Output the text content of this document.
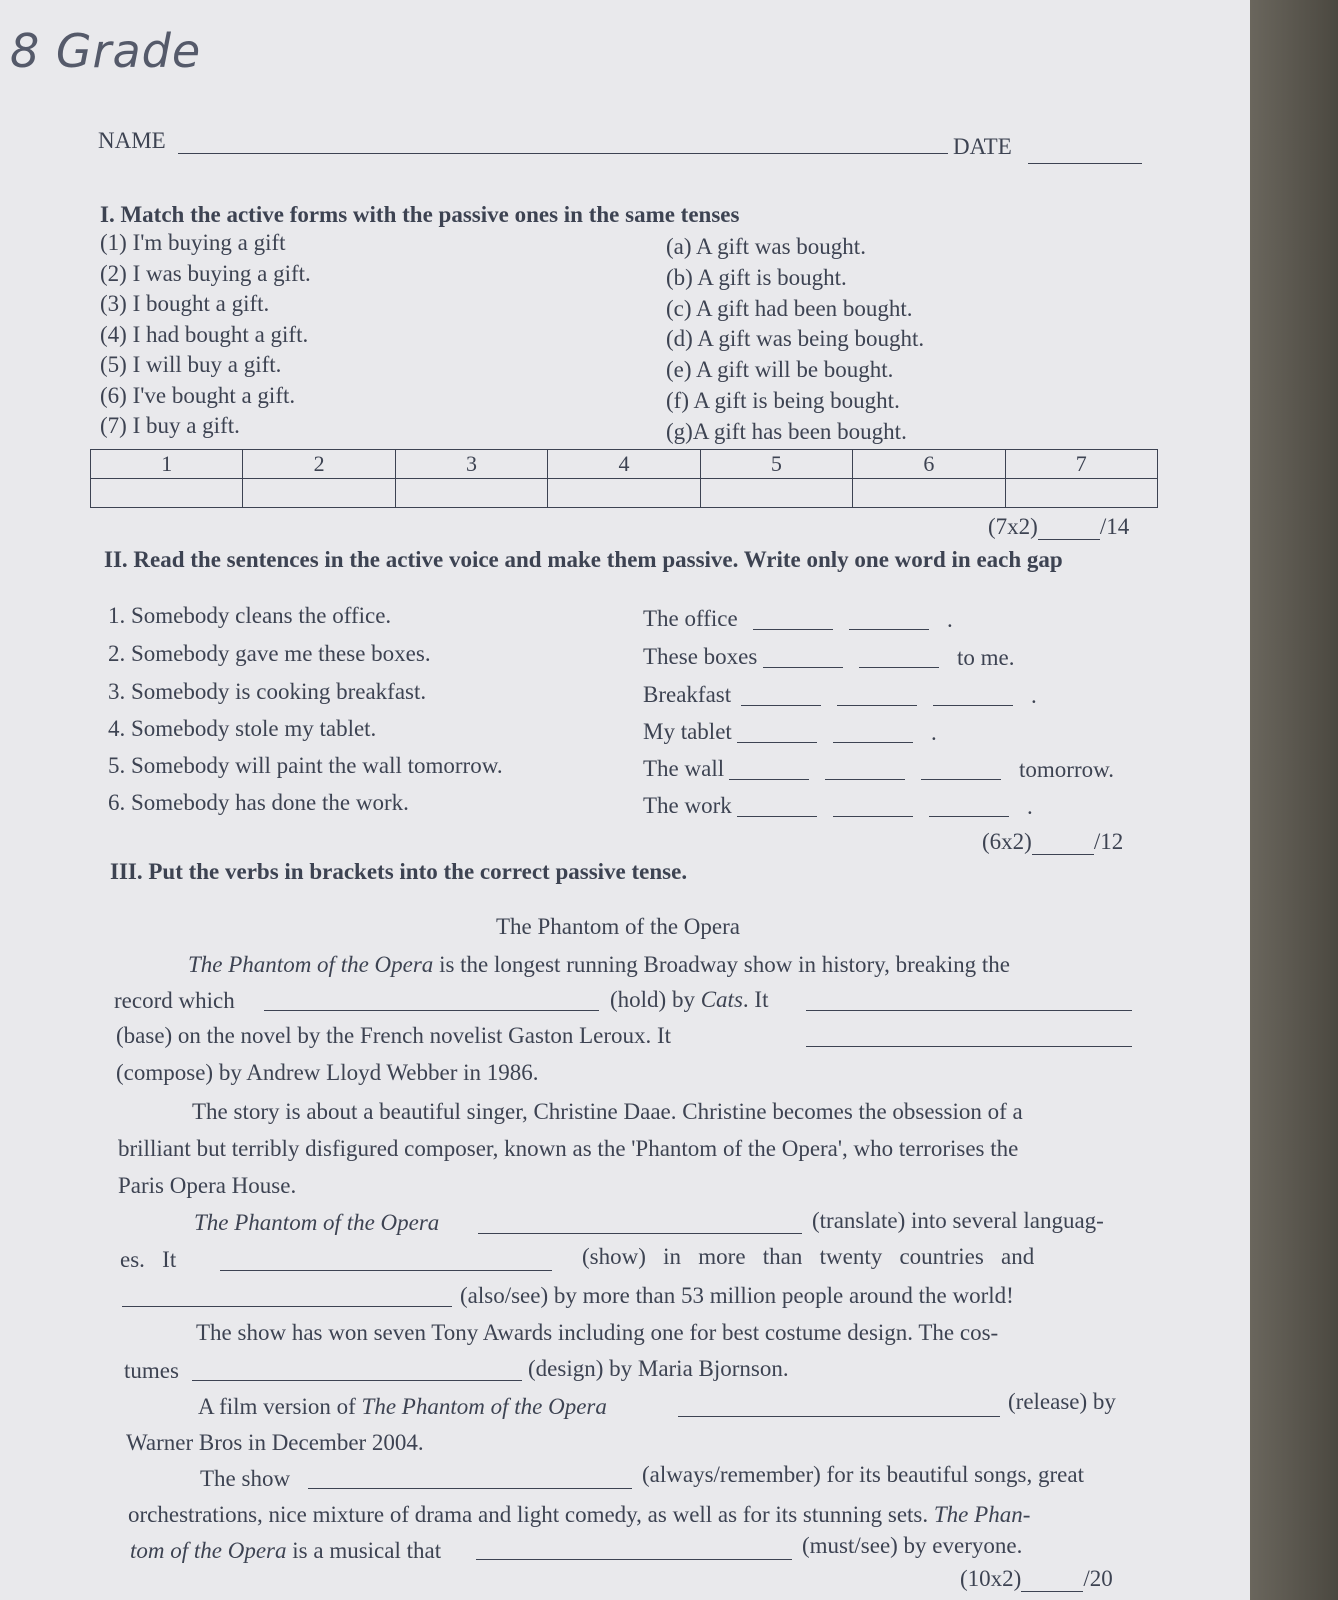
8 Grade
NAME	DATE
I. Match the active forms with the passive ones in the same tenses
(1) I'm buying a gift
(2) I was buying a gift.
(3) I bought a gift.
(4) I had bought a gift.
(5) I will buy a gift.
(6) I've bought a gift.
(7) I buy a gift.
(a) A gift was bought.
(b) A gift is bought.
(c) A gift had been bought.
(d) A gift was being bought.
(e) A gift will be bought.
(f) A gift is being bought.
(g)A gift has been bought.
1	2	3	4	5	6	7

(7x2)	/14
II. Read the sentences in the active voice and make them passive. Write only one word in each gap
1. Somebody cleans the office.	The office	.
2. Somebody gave me these boxes.	These boxes	to me.
3. Somebody is cooking breakfast.	Breakfast	.
4. Somebody stole my tablet.	My tablet	.
5. Somebody will paint the wall tomorrow.	The wall	tomorrow.
6. Somebody has done the work.	The work	.
(6x2)	/12
III. Put the verbs in brackets into the correct passive tense.
The Phantom of the Opera
The Phantom of the Opera is the longest running Broadway show in history, breaking the
record which	(hold) by Cats. It
(base) on the novel by the French novelist Gaston Leroux. It
(compose) by Andrew Lloyd Webber in 1986.
The story is about a beautiful singer, Christine Daae. Christine becomes the obsession of a
brilliant but terribly disfigured composer, known as the 'Phantom of the Opera', who terrorises the
Paris Opera House.
The Phantom of the Opera	(translate) into several languag-
es.   It	(show)   in   more   than   twenty   countries   and
(also/see) by more than 53 million people around the world!
The show has won seven Tony Awards including one for best costume design. The cos-
tumes	(design) by Maria Bjornson.
A film version of The Phantom of the Opera	(release) by
Warner Bros in December 2004.
The show	(always/remember) for its beautiful songs, great
orchestrations, nice mixture of drama and light comedy, as well as for its stunning sets. The Phan-
tom of the Opera is a musical that	(must/see) by everyone.
(10x2)	/20
